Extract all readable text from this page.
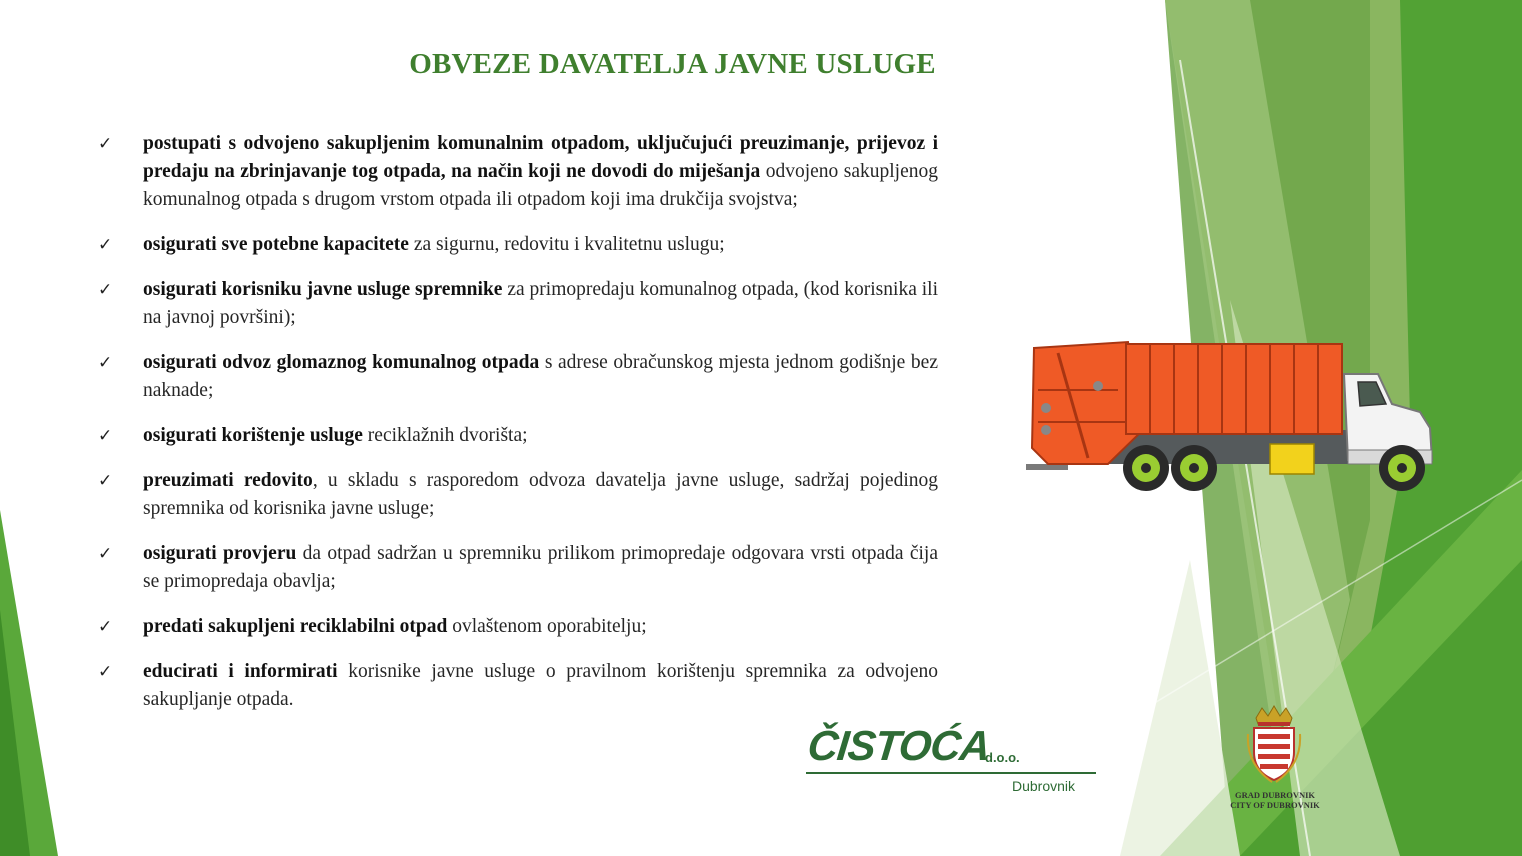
OBVEZE DAVATELJA JAVNE USLUGE
✓ postupati s odvojeno sakupljenim komunalnim otpadom, uključujući preuzimanje, prijevoz i predaju na zbrinjavanje tog otpada, na način koji ne dovodi do miješanja odvojeno sakupljenog komunalnog otpada s drugom vrstom otpada ili otpadom koji ima drukčija svojstva;
✓ osigurati sve potebne kapacitete za sigurnu, redovitu i kvalitetnu uslugu;
✓ osigurati korisniku javne usluge spremnike za primopredaju komunalnog otpada, (kod korisnika ili na javnoj površini);
✓ osigurati odvoz glomaznog komunalnog otpada s adrese obračunskog mjesta jednom godišnje bez naknade;
✓ osigurati korištenje usluge reciklažnih dvorišta;
✓ preuzimati redovito, u skladu s rasporedom odvoza davatelja javne usluge, sadržaj pojedinog spremnika od korisnika javne usluge;
✓ osigurati provjeru da otpad sadržan u spremniku prilikom primopredaje odgovara vrsti otpada čija se primopredaja obavlja;
✓ predati sakupljeni reciklabilni otpad ovlaštenom oporabitelju;
✓ educirati i informirati korisnike javne usluge o pravilnom korištenju spremnika za odvojeno sakupljanje otpada.
ČISTOĆA
d.o.o.
Dubrovnik
GRAD DUBROVNIK
CITY OF DUBROVNIK
